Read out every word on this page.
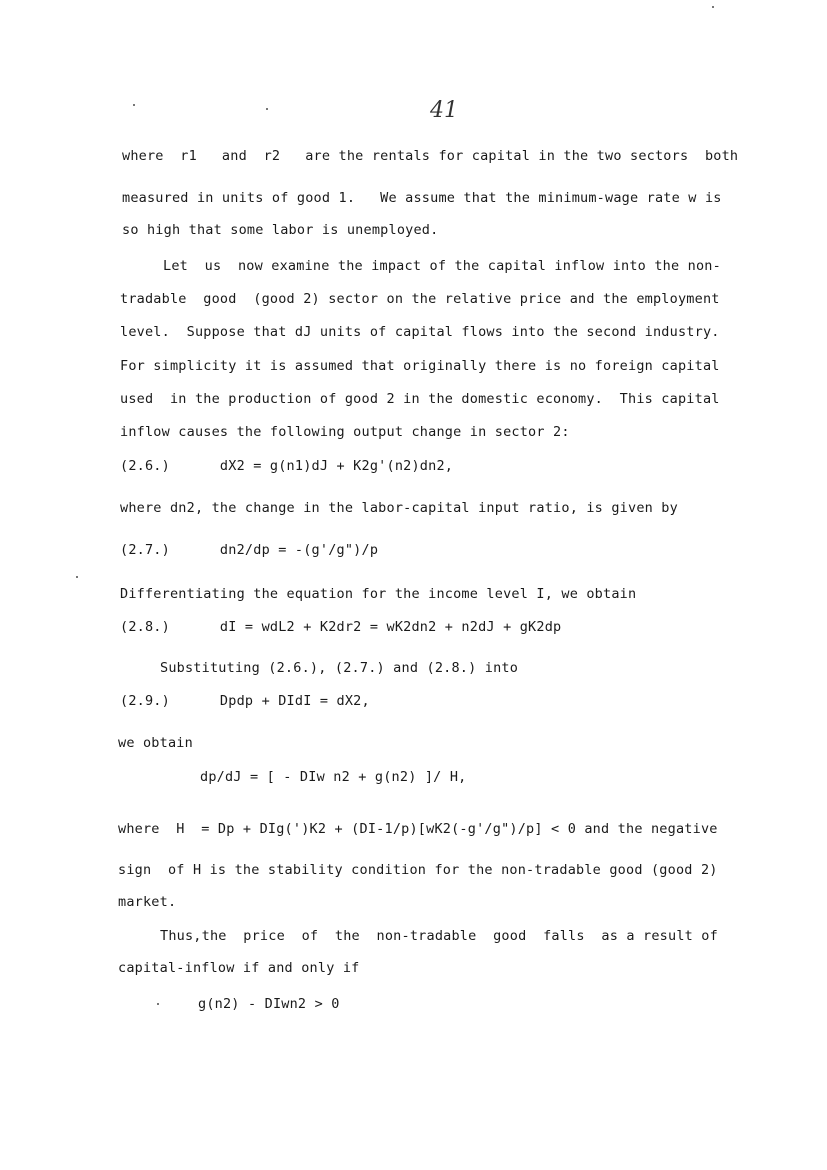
41
where  r1   and  r2   are the rentals for capital in the two sectors  both
measured in units of good 1.   We assume that the minimum-wage rate w is
so high that some labor is unemployed.
Let  us  now examine the impact of the capital inflow into the non-
tradable  good  (good 2) sector on the relative price and the employment
level.  Suppose that dJ units of capital flows into the second industry.
For simplicity it is assumed that originally there is no foreign capital
used  in the production of good 2 in the domestic economy.  This capital
inflow causes the following output change in sector 2:
(2.6.)      dX2 = g(n1)dJ + K2g'(n2)dn2,
where dn2, the change in the labor-capital input ratio, is given by
(2.7.)      dn2/dp = -(g'/g")/p
Differentiating the equation for the income level I, we obtain
(2.8.)      dI = wdL2 + K2dr2 = wK2dn2 + n2dJ + gK2dp
Substituting (2.6.), (2.7.) and (2.8.) into
(2.9.)      Dpdp + DIdI = dX2,
we obtain
dp/dJ = [ - DIw n2 + g(n2) ]/ H,
where  H  = Dp + DIg(')K2 + (DI-1/p)[wK2(-g'/g")/p] < 0 and the negative
sign  of H is the stability condition for the non-tradable good (good 2)
market.
Thus,the  price  of  the  non-tradable  good  falls  as a result of
capital-inflow if and only if
g(n2) - DIwn2 > 0
